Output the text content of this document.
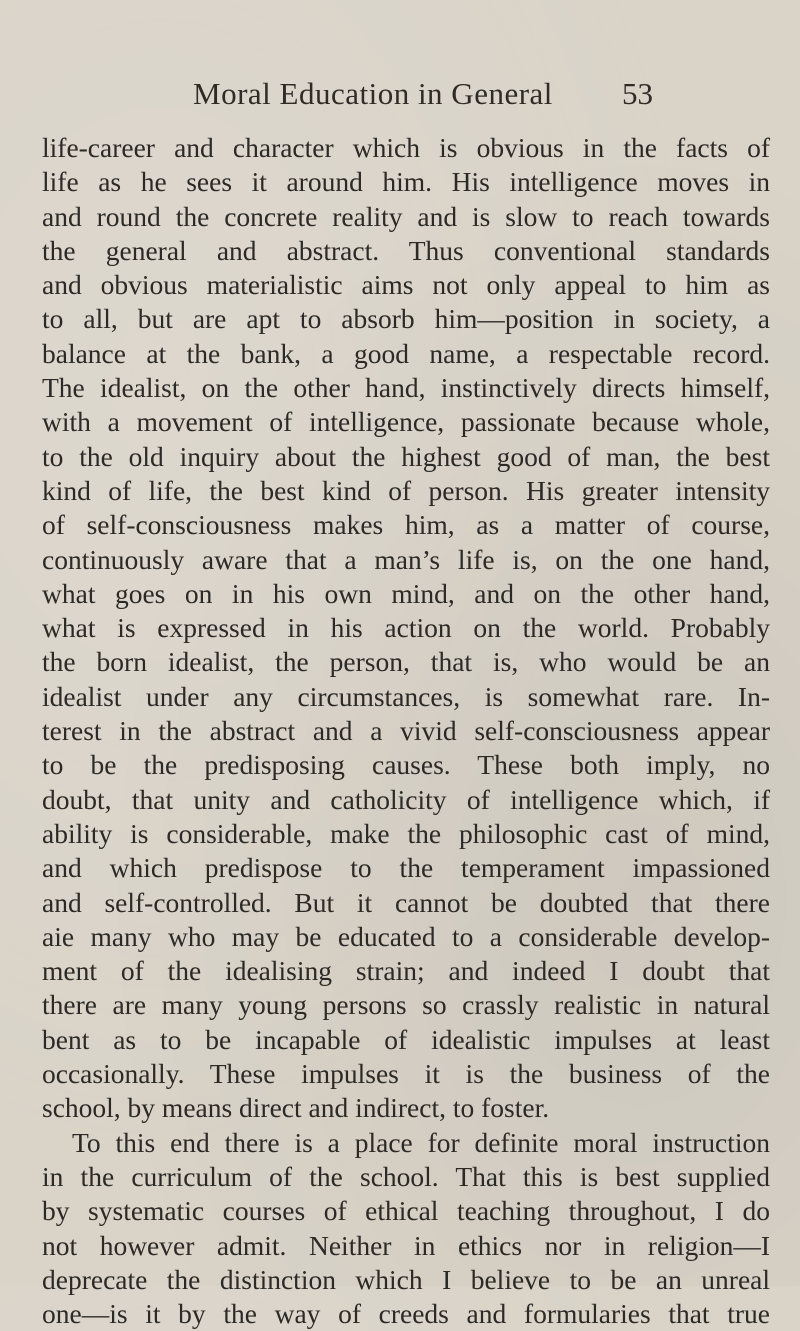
Moral Education in General 53
life-career and character which is obvious in the facts of
life as he sees it around him. His intelligence moves in
and round the concrete reality and is slow to reach towards
the general and abstract. Thus conventional standards
and obvious materialistic aims not only appeal to him as
to all, but are apt to absorb him—position in society, a
balance at the bank, a good name, a respectable record.
The idealist, on the other hand, instinctively directs himself,
with a movement of intelligence, passionate because whole,
to the old inquiry about the highest good of man, the best
kind of life, the best kind of person. His greater intensity
of self-consciousness makes him, as a matter of course,
continuously aware that a man’s life is, on the one hand,
what goes on in his own mind, and on the other hand,
what is expressed in his action on the world. Probably
the born idealist, the person, that is, who would be an
idealist under any circumstances, is somewhat rare. In-
terest in the abstract and a vivid self-consciousness appear
to be the predisposing causes. These both imply, no
doubt, that unity and catholicity of intelligence which, if
ability is considerable, make the philosophic cast of mind,
and which predispose to the temperament impassioned
and self-controlled. But it cannot be doubted that there
aie many who may be educated to a considerable develop-
ment of the idealising strain; and indeed I doubt that
there are many young persons so crassly realistic in natural
bent as to be incapable of idealistic impulses at least
occasionally. These impulses it is the business of the
school, by means direct and indirect, to foster.
To this end there is a place for definite moral instruction
in the curriculum of the school. That this is best supplied
by systematic courses of ethical teaching throughout, I do
not however admit. Neither in ethics nor in religion—I
deprecate the distinction which I believe to be an unreal
one—is it by the way of creeds and formularies that true
